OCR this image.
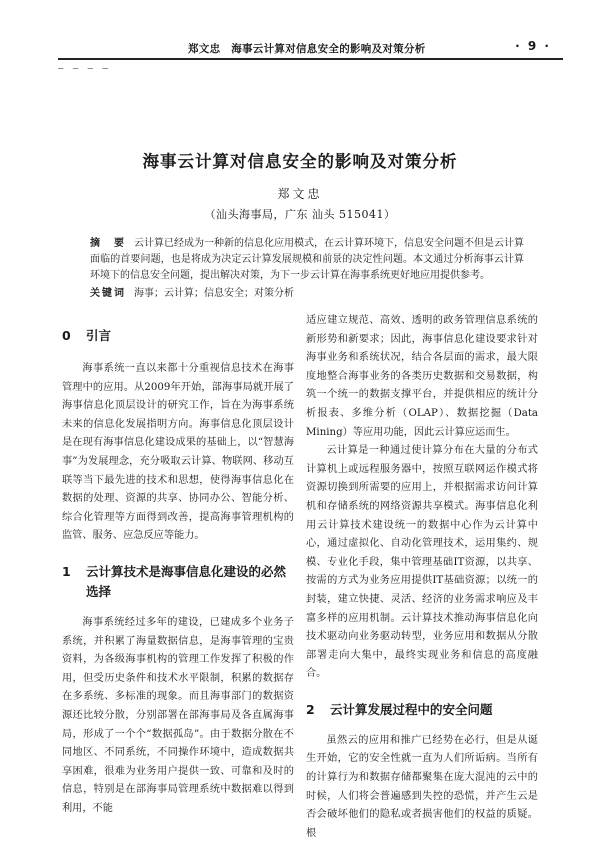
郑文忠　海事云计算对信息安全的影响及对策分析	· 9 ·
— — — —
海事云计算对信息安全的影响及对策分析
郑文忠
（汕头海事局，广东 汕头 515041）
摘　要 云计算已经成为一种新的信息化应用模式，在云计算环境下，信息安全问题不但是云计算面临的首要问题，也是将成为决定云计算发展规模和前景的决定性问题。本文通过分析海事云计算环境下的信息安全问题，提出解决对策，为下一步云计算在海事系统更好地应用提供参考。
关键词 海事；云计算；信息安全；对策分析
0 引言

海事系统一直以来都十分重视信息技术在海事管理中的应用。从2009年开始，部海事局就开展了海事信息化顶层设计的研究工作，旨在为海事系统未来的信息化发展指明方向。海事信息化顶层设计是在现有海事信息化建设成果的基础上，以“智慧海事”为发展理念，充分吸取云计算、物联网、移动互联等当下最先进的技术和思想，使得海事信息化在数据的处理、资源的共享、协同办公、智能分析、综合化管理等方面得到改善，提高海事管理机构的监管、服务、应急反应等能力。

1 云计算技术是海事信息化建设的必然选择

海事系统经过多年的建设，已建成多个业务子系统，并积累了海量数据信息，是海事管理的宝贵资料，为各级海事机构的管理工作发挥了积极的作用，但受历史条件和技术水平限制，积累的数据存在多系统、多标准的现象。而且海事部门的数据资源还比较分散，分别部署在部海事局及各直属海事局，形成了一个个“数据孤岛”。由于数据分散在不同地区、不同系统，不同操作环境中，造成数据共享困难，很难为业务用户提供一致、可靠和及时的信息，特别是在部海事局管理系统中数据难以得到利用，不能

适应建立规范、高效、透明的政务管理信息系统的新形势和新要求；因此，海事信息化建设要求针对海事业务和系统状况，结合各层面的需求，最大限度地整合海事业务的各类历史数据和交易数据，构筑一个统一的数据支撑平台，并提供相应的统计分析报表、多维分析（OLAP）、数据挖掘（Data Mining）等应用功能，因此云计算应运而生。

云计算是一种通过使计算分布在大量的分布式计算机上或远程服务器中，按照互联网运作模式将资源切换到所需要的应用上，并根据需求访问计算机和存储系统的网络资源共享模式。海事信息化利用云计算技术建设统一的数据中心作为云计算中心，通过虚拟化、自动化管理技术，运用集约、规模、专业化手段，集中管理基础IT资源，以共享、按需的方式为业务应用提供IT基础资源；以统一的封装，建立快捷、灵活、经济的业务需求响应及丰富多样的应用机制。云计算技术推动海事信息化向技术驱动向业务驱动转型，业务应用和数据从分散部署走向大集中，最终实现业务和信息的高度融合。

2 云计算发展过程中的安全问题

虽然云的应用和推广已经势在必行，但是从诞生开始，它的安全性就一直为人们所诟病。当所有的计算行为和数据存储都聚集在庞大混沌的云中的时候，人们将会普遍感到失控的恐慌，并产生云是否会破坏他们的隐私或者损害他们的权益的质疑。根
